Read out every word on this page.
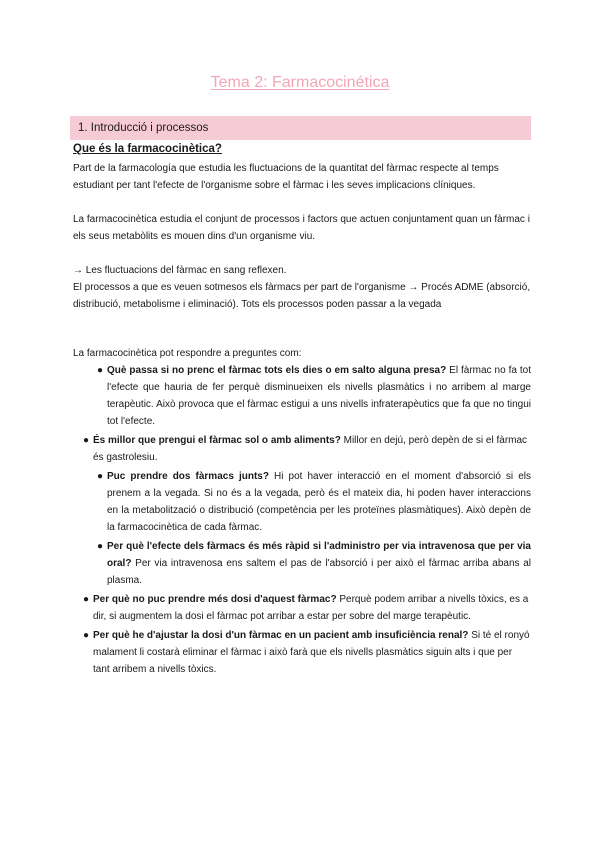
Tema 2: Farmacocinética
1. Introducció i processos
Que és la farmacocinètica?

Part de la farmacología que estudia les fluctuacions de la quantitat del fàrmac respecte al temps estudiant per tant l'efecte de l'organisme sobre el fàrmac i les seves implicacions clíniques.

La farmacocinètica estudia el conjunt de processos i factors que actuen conjuntament quan un fàrmac i els seus metabòlits es mouen dins d'un organisme viu.

→ Les fluctuacions del fàrmac en sang reflexen.

El processos a que es veuen sotmesos els fàrmacs per part de l'organisme → Procés ADME (absorció, distribució, metabolisme i eliminació). Tots els processos poden passar a la vegada

La farmacocinètica pot respondre a preguntes com:

● Què passa si no prenc el fàrmac tots els dies o em salto alguna presa? El fàrmac no fa tot l'efecte que hauria de fer perquè disminueixen els nivells plasmàtics i no arribem al marge terapèutic. Això provoca que el fàrmac estigui a uns nivells infraterapèutics que fa que no tingui tot l'efecte.
● És millor que prengui el fàrmac sol o amb aliments? Millor en dejú, però depèn de si el fàrmac és gastrolesiu.
● Puc prendre dos fàrmacs junts? Hi pot haver interacció en el moment d'absorció si els prenem a la vegada. Si no és a la vegada, però és el mateix dia, hi poden haver interaccions en la metabolització o distribució (competència per les proteïnes plasmàtiques). Això depèn de la farmacocinètica de cada fàrmac.
● Per què l'efecte dels fàrmacs és més ràpid si l'administro per via intravenosa que per via oral? Per via intravenosa ens saltem el pas de l'absorció i per això el fàrmac arriba abans al plasma.
● Per què no puc prendre més dosi d'aquest fàrmac? Perquè podem arribar a nivells tòxics, es a dir, si augmentem la dosi el fàrmac pot arribar a estar per sobre del marge terapèutic.
● Per què he d'ajustar la dosi d'un fàrmac en un pacient amb insuficiència renal? Si té el ronyó malament li costarà eliminar el fàrmac i això farà que els nivells plasmàtics siguin alts i que per tant arribem a nivells tòxics.
